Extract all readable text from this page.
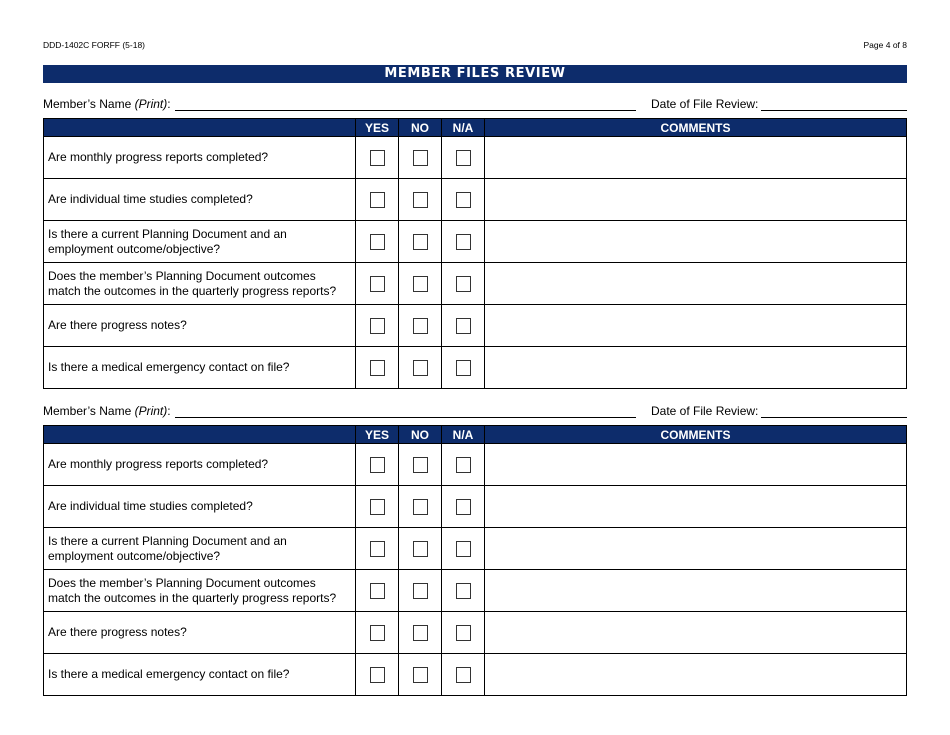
DDD-1402C FORFF (5-18)	Page 4 of 8
MEMBER FILES REVIEW
Member’s Name (Print):	Date of File Review:
	YES	NO	N/A	COMMENTS
Are monthly progress reports completed?				
Are individual time studies completed?				
Is there a current Planning Document and an employment outcome/objective?				
Does the member’s Planning Document outcomes match the outcomes in the quarterly progress reports?				
Are there progress notes?				
Is there a medical emergency contact on file?				
Member’s Name (Print):	Date of File Review:
	YES	NO	N/A	COMMENTS
Are monthly progress reports completed?				
Are individual time studies completed?				
Is there a current Planning Document and an employment outcome/objective?				
Does the member’s Planning Document outcomes match the outcomes in the quarterly progress reports?				
Are there progress notes?				
Is there a medical emergency contact on file?				
